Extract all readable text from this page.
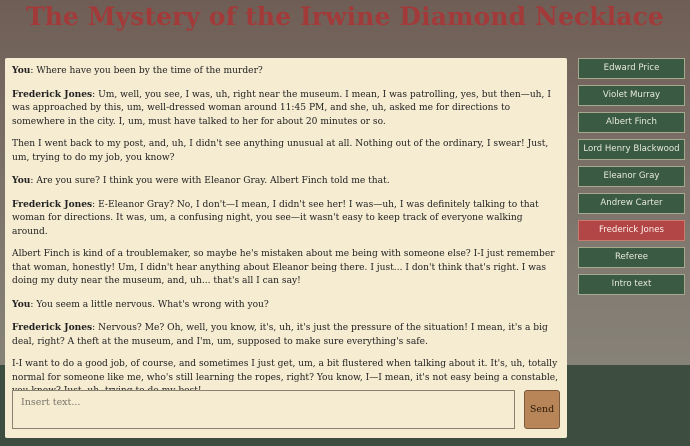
The Mystery of the Irwine Diamond Necklace

You: Where have you been by the time of the murder?

Frederick Jones: Um, well, you see, I was, uh, right near the museum. I mean, I was patrolling, yes, but then—uh, I was approached by this, um, well-dressed woman around 11:45 PM, and she, uh, asked me for directions to somewhere in the city. I, um, must have talked to her for about 20 minutes or so.

Then I went back to my post, and, uh, I didn't see anything unusual at all. Nothing out of the ordinary, I swear! Just, um, trying to do my job, you know?

You: Are you sure? I think you were with Eleanor Gray. Albert Finch told me that.

Frederick Jones: E-Eleanor Gray? No, I don't—I mean, I didn't see her! I was—uh, I was definitely talking to that woman for directions. It was, um, a confusing night, you see—it wasn't easy to keep track of everyone walking around.

Albert Finch is kind of a troublemaker, so maybe he's mistaken about me being with someone else? I-I just remember that woman, honestly! Um, I didn't hear anything about Eleanor being there. I just... I don't think that's right. I was doing my duty near the museum, and, uh... that's all I can say!

You: You seem a little nervous. What's wrong with you?

Frederick Jones: Nervous? Me? Oh, well, you know, it's, uh, it's just the pressure of the situation! I mean, it's a big deal, right? A theft at the museum, and I'm, um, supposed to make sure everything's safe.

I-I want to do a good job, of course, and sometimes I just get, um, a bit flustered when talking about it. It's, uh, totally normal for someone like me, who's still learning the ropes, right? You know, I—I mean, it's not easy being a constable,

Insert text...
Send
Edward Price
Violet Murray
Albert Finch
Lord Henry Blackwood
Eleanor Gray
Andrew Carter
Frederick Jones
Referee
Intro text
